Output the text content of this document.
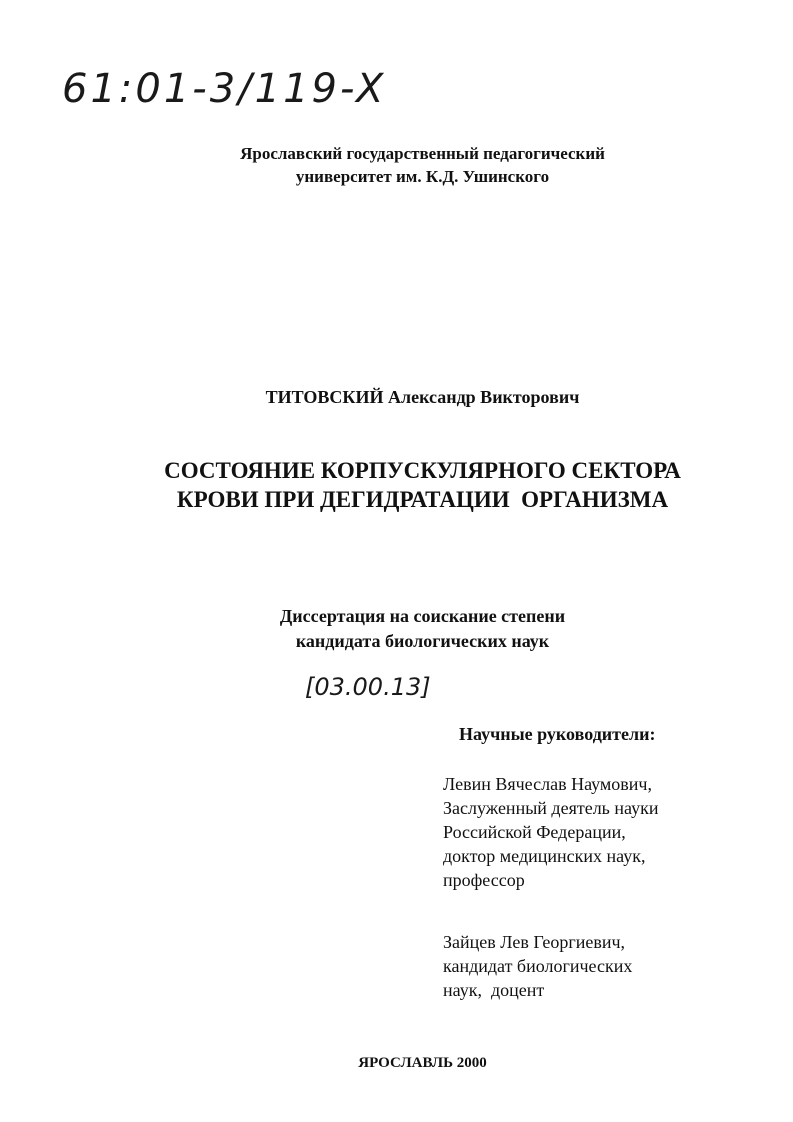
61:01-3/119-X
Ярославский государственный педагогический
университет им. К.Д. Ушинского
ТИТОВСКИЙ Александр Викторович
СОСТОЯНИЕ КОРПУСКУЛЯРНОГО СЕКТОРА
КРОВИ ПРИ ДЕГИДРАТАЦИИ  ОРГАНИЗМА
Диссертация на соискание степени
кандидата биологических наук
[03.00.13]
Научные руководители:
Левин Вячеслав Наумович,
Заслуженный деятель науки
Российской Федерации,
доктор медицинских наук,
профессор
Зайцев Лев Георгиевич,
кандидат биологических
наук,  доцент
ЯРОСЛАВЛЬ 2000
